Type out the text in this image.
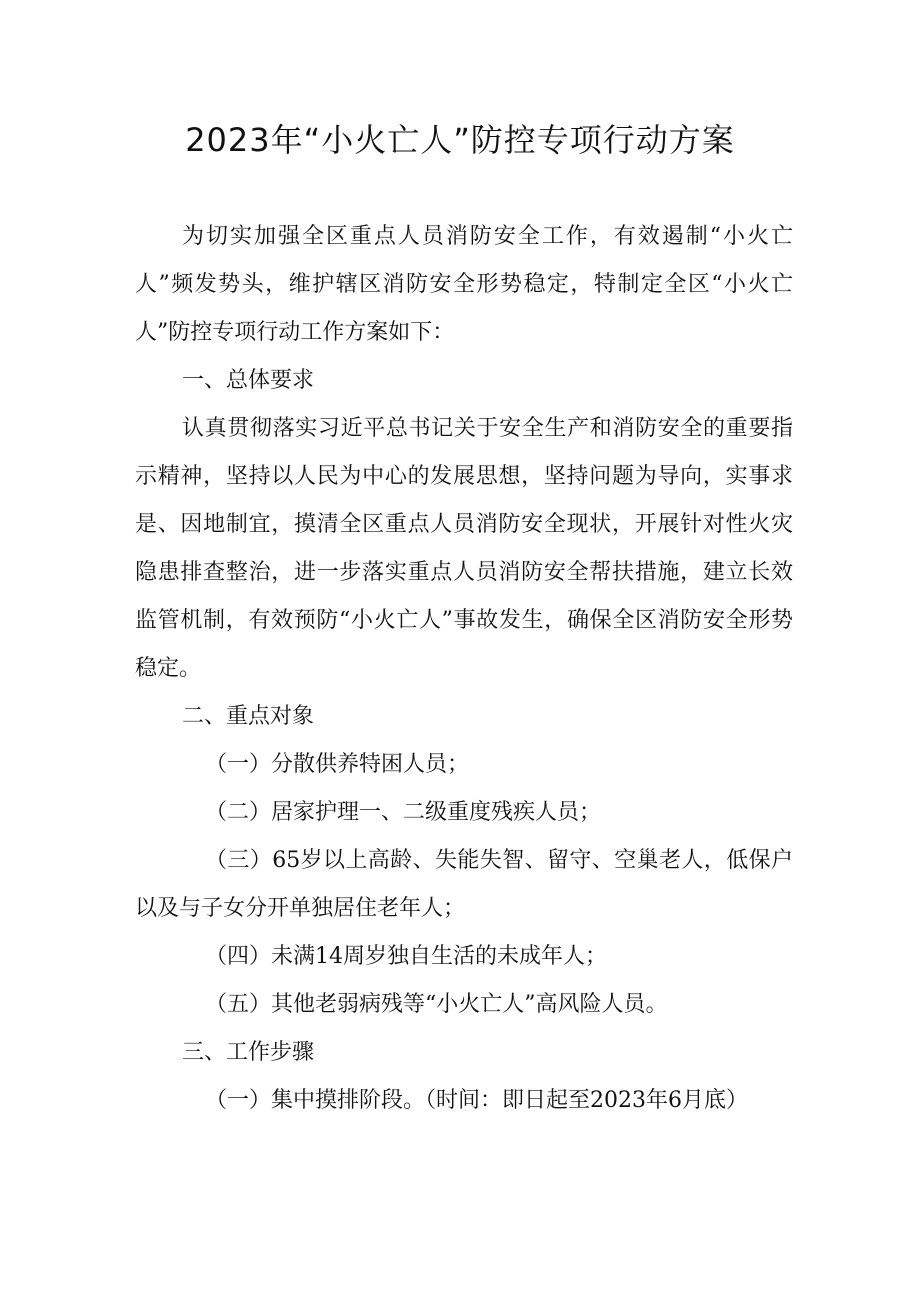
2023年“小火亡人”防控专项行动方案

为切实加强全区重点人员消防安全工作，有效遏制“小火亡人”频发势头，维护辖区消防安全形势稳定，特制定全区“小火亡人”防控专项行动工作方案如下：

一、总体要求

认真贯彻落实习近平总书记关于安全生产和消防安全的重要指示精神，坚持以人民为中心的发展思想，坚持问题为导向，实事求是、因地制宜，摸清全区重点人员消防安全现状，开展针对性火灾隐患排查整治，进一步落实重点人员消防安全帮扶措施，建立长效监管机制，有效预防“小火亡人”事故发生，确保全区消防安全形势稳定。

二、重点对象

（一）分散供养特困人员；

（二）居家护理一、二级重度残疾人员；

（三）65岁以上高龄、失能失智、留守、空巢老人，低保户以及与子女分开单独居住老年人；

（四）未满14周岁独自生活的未成年人；

（五）其他老弱病残等“小火亡人”高风险人员。

三、工作步骤

（一）集中摸排阶段。（时间：即日起至2023年6月底）
